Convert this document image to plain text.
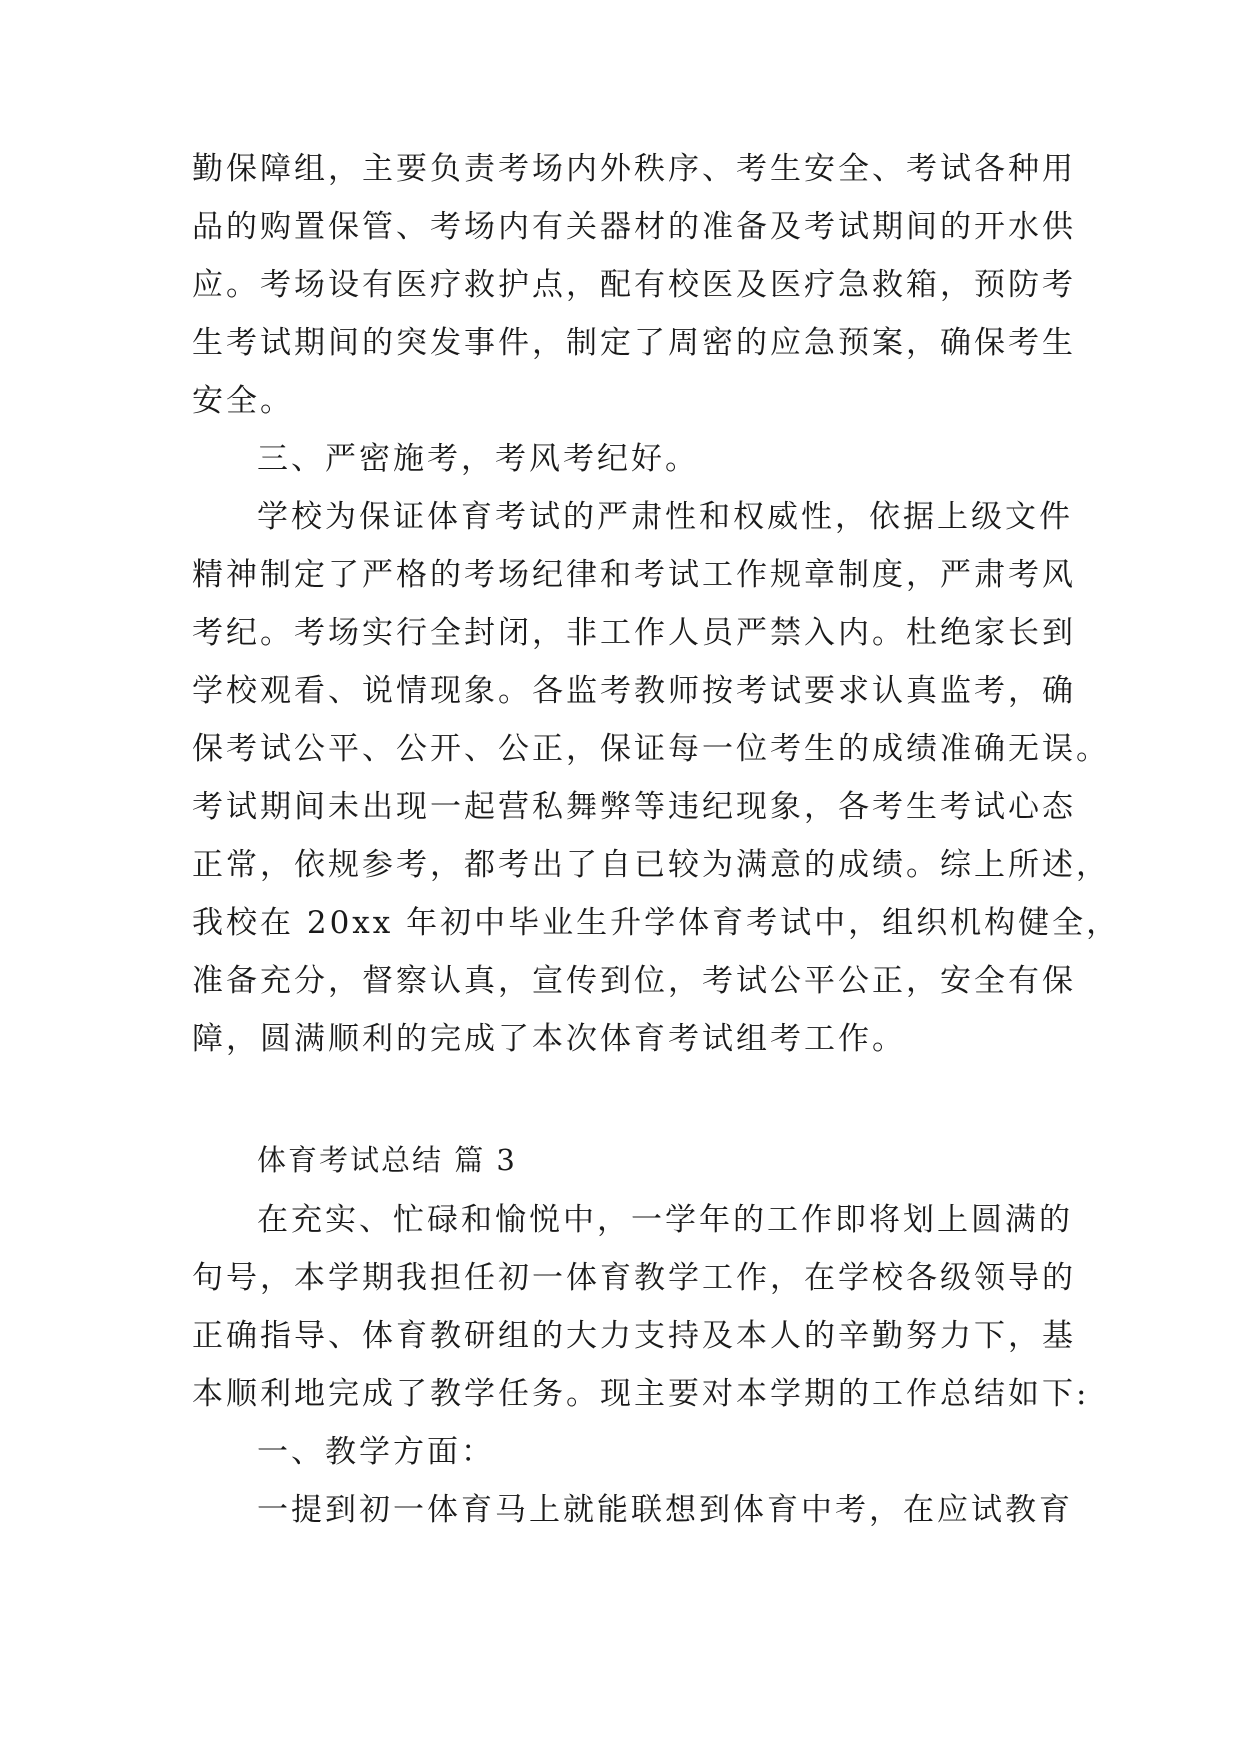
勤保障组，主要负责考场内外秩序、考生安全、考试各种用
品的购置保管、考场内有关器材的准备及考试期间的开水供
应。考场设有医疗救护点，配有校医及医疗急救箱，预防考
生考试期间的突发事件，制定了周密的应急预案，确保考生
安全。
三、严密施考，考风考纪好。
学校为保证体育考试的严肃性和权威性，依据上级文件
精神制定了严格的考场纪律和考试工作规章制度，严肃考风
考纪。考场实行全封闭，非工作人员严禁入内。杜绝家长到
学校观看、说情现象。各监考教师按考试要求认真监考，确
保考试公平、公开、公正，保证每一位考生的成绩准确无误。
考试期间未出现一起营私舞弊等违纪现象，各考生考试心态
正常，依规参考，都考出了自已较为满意的成绩。综上所述，
我校在 20xx 年初中毕业生升学体育考试中，组织机构健全，
准备充分，督察认真，宣传到位，考试公平公正，安全有保
障，圆满顺利的完成了本次体育考试组考工作。
体育考试总结 篇 3
在充实、忙碌和愉悦中，一学年的工作即将划上圆满的
句号，本学期我担任初一体育教学工作，在学校各级领导的
正确指导、体育教研组的大力支持及本人的辛勤努力下，基
本顺利地完成了教学任务。现主要对本学期的工作总结如下:
一、教学方面：
一提到初一体育马上就能联想到体育中考，在应试教育
